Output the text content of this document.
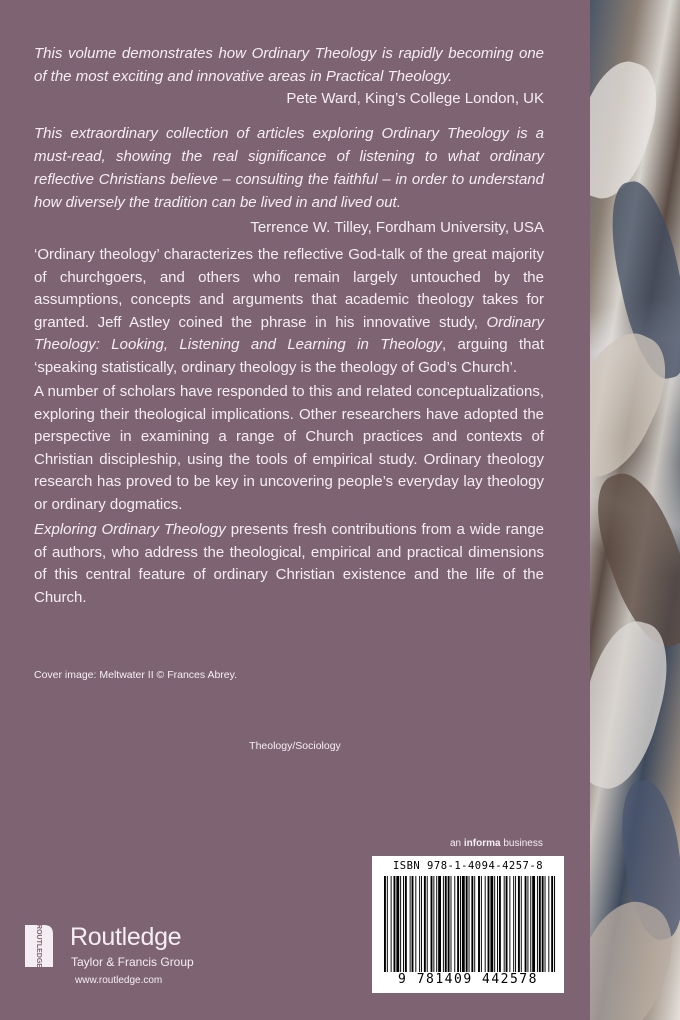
This volume demonstrates how Ordinary Theology is rapidly becoming one of the most exciting and innovative areas in Practical Theology.

Pete Ward, King’s College London, UK

This extraordinary collection of articles exploring Ordinary Theology is a must-read, showing the real significance of listening to what ordinary reflective Christians believe – consulting the faithful – in order to understand how diversely the tradition can be lived in and lived out.

Terrence W. Tilley, Fordham University, USA

‘Ordinary theology’ characterizes the reflective God-talk of the great majority of churchgoers, and others who remain largely untouched by the assumptions, concepts and arguments that academic theology takes for granted. Jeff Astley coined the phrase in his innovative study, Ordinary Theology: Looking, Listening and Learning in Theology, arguing that ‘speaking statistically, ordinary theology is the theology of God’s Church’.

A number of scholars have responded to this and related conceptualizations, exploring their theological implications. Other researchers have adopted the perspective in examining a range of Church practices and contexts of Christian discipleship, using the tools of empirical study. Ordinary theology research has proved to be key in uncovering people’s everyday lay theology or ordinary dogmatics.

Exploring Ordinary Theology presents fresh contributions from a wide range of authors, who address the theological, empirical and practical dimensions of this central feature of ordinary Christian existence and the life of the Church.

Cover image: Meltwater II © Frances Abrey.
Theology/Sociology
an informa business
ISBN 978-1-4094-4257-8
9 781409 442578
ROUTLEDGE Routledge
Taylor & Francis Group
www.routledge.com
